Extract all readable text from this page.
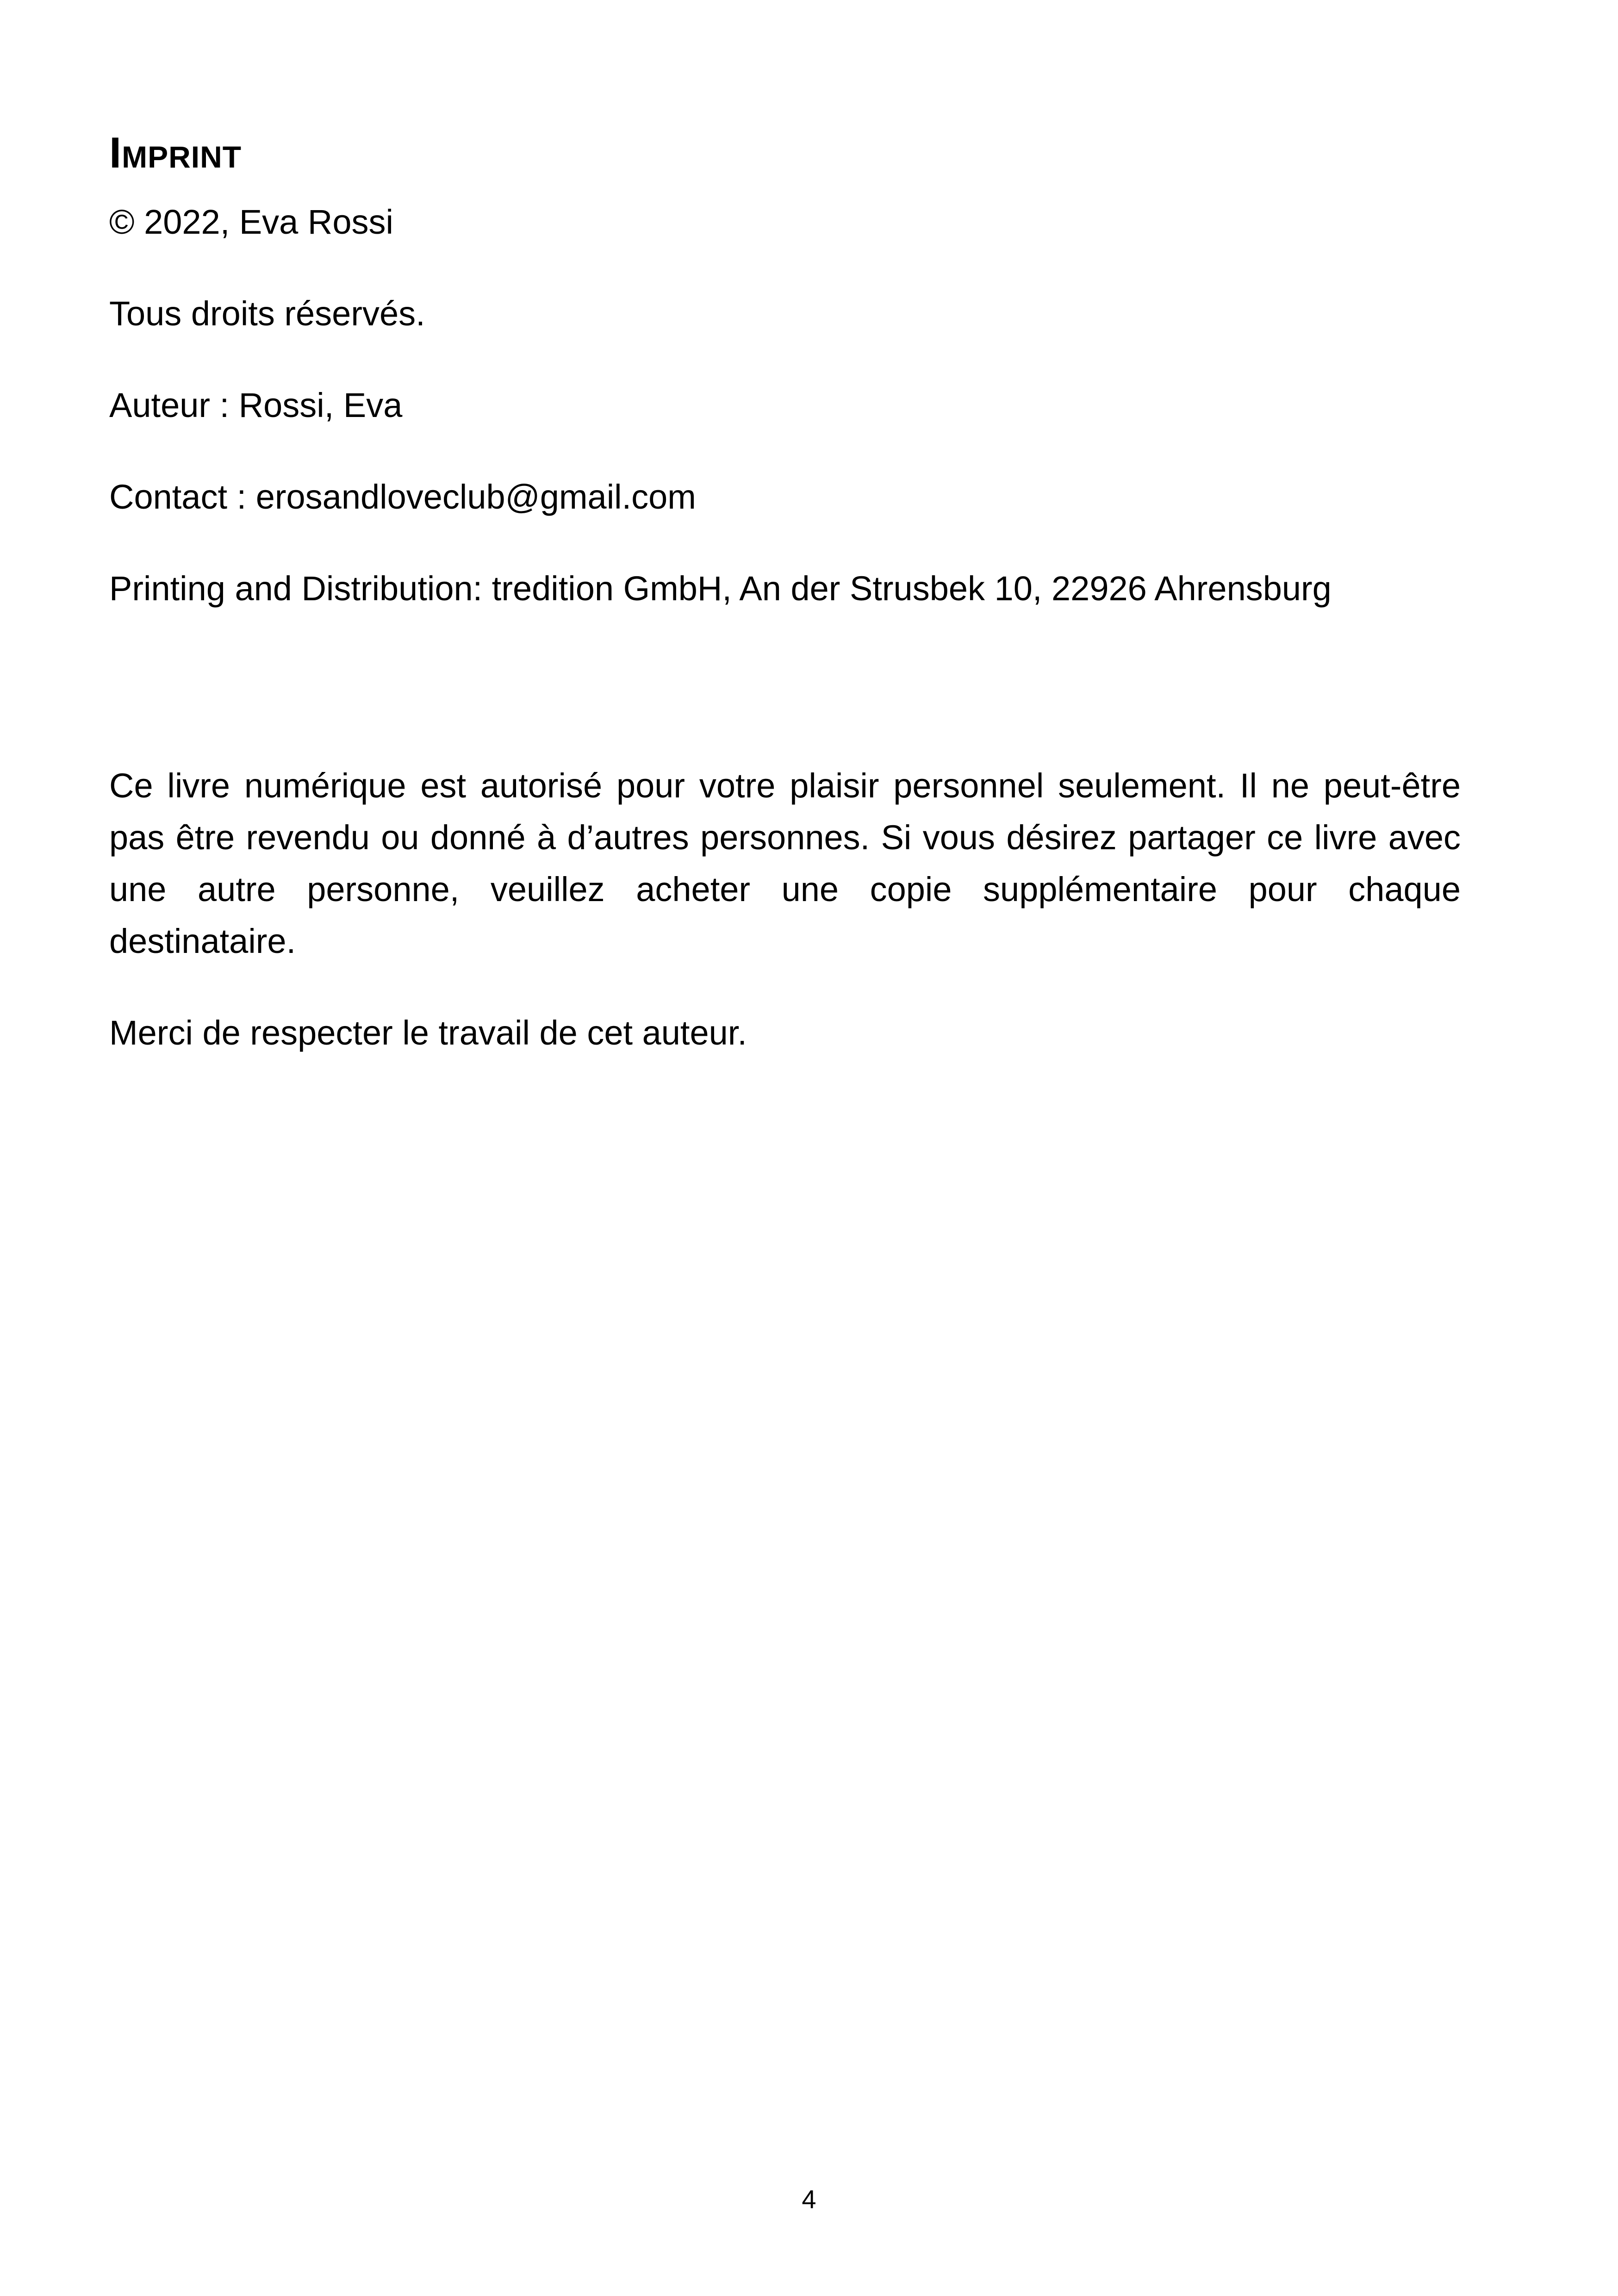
Imprint

© 2022, Eva Rossi

Tous droits réservés.

Auteur : Rossi, Eva

Contact : erosandloveclub@gmail.com

Printing and Distribution: tredition GmbH, An der Strusbek 10, 22926 Ahrensburg

Ce livre numérique est autorisé pour votre plaisir personnel seulement. Il ne peut-être pas être revendu ou donné à d’autres personnes. Si vous désirez partager ce livre avec une autre personne, veuillez acheter une copie supplémentaire pour chaque destinataire.

Merci de respecter le travail de cet auteur.

4
